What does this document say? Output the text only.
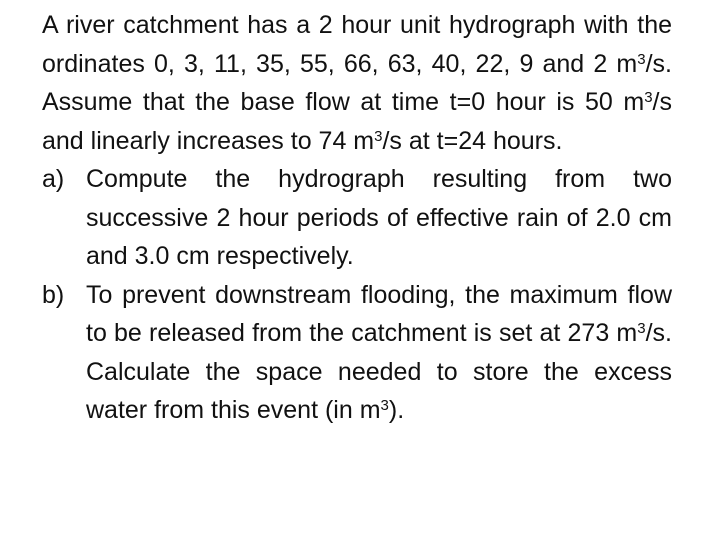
A river catchment has a 2 hour unit hydrograph with the ordinates 0, 3, 11, 35, 55, 66, 63, 40, 22, 9 and 2 $m^3/s$. Assume that the base flow at time t=0 hour is 50 $m^3/s$ and linearly increases to 74 $m^3/s$ at t=24 hours.

a) Compute the hydrograph resulting from two successive 2 hour periods of effective rain of 2.0 cm and 3.0 cm respectively.

b) To prevent downstream flooding, the maximum flow to be released from the catchment is set at 273 $m^3/s$. Calculate the space needed to store the excess water from this event (in $m^3$).
